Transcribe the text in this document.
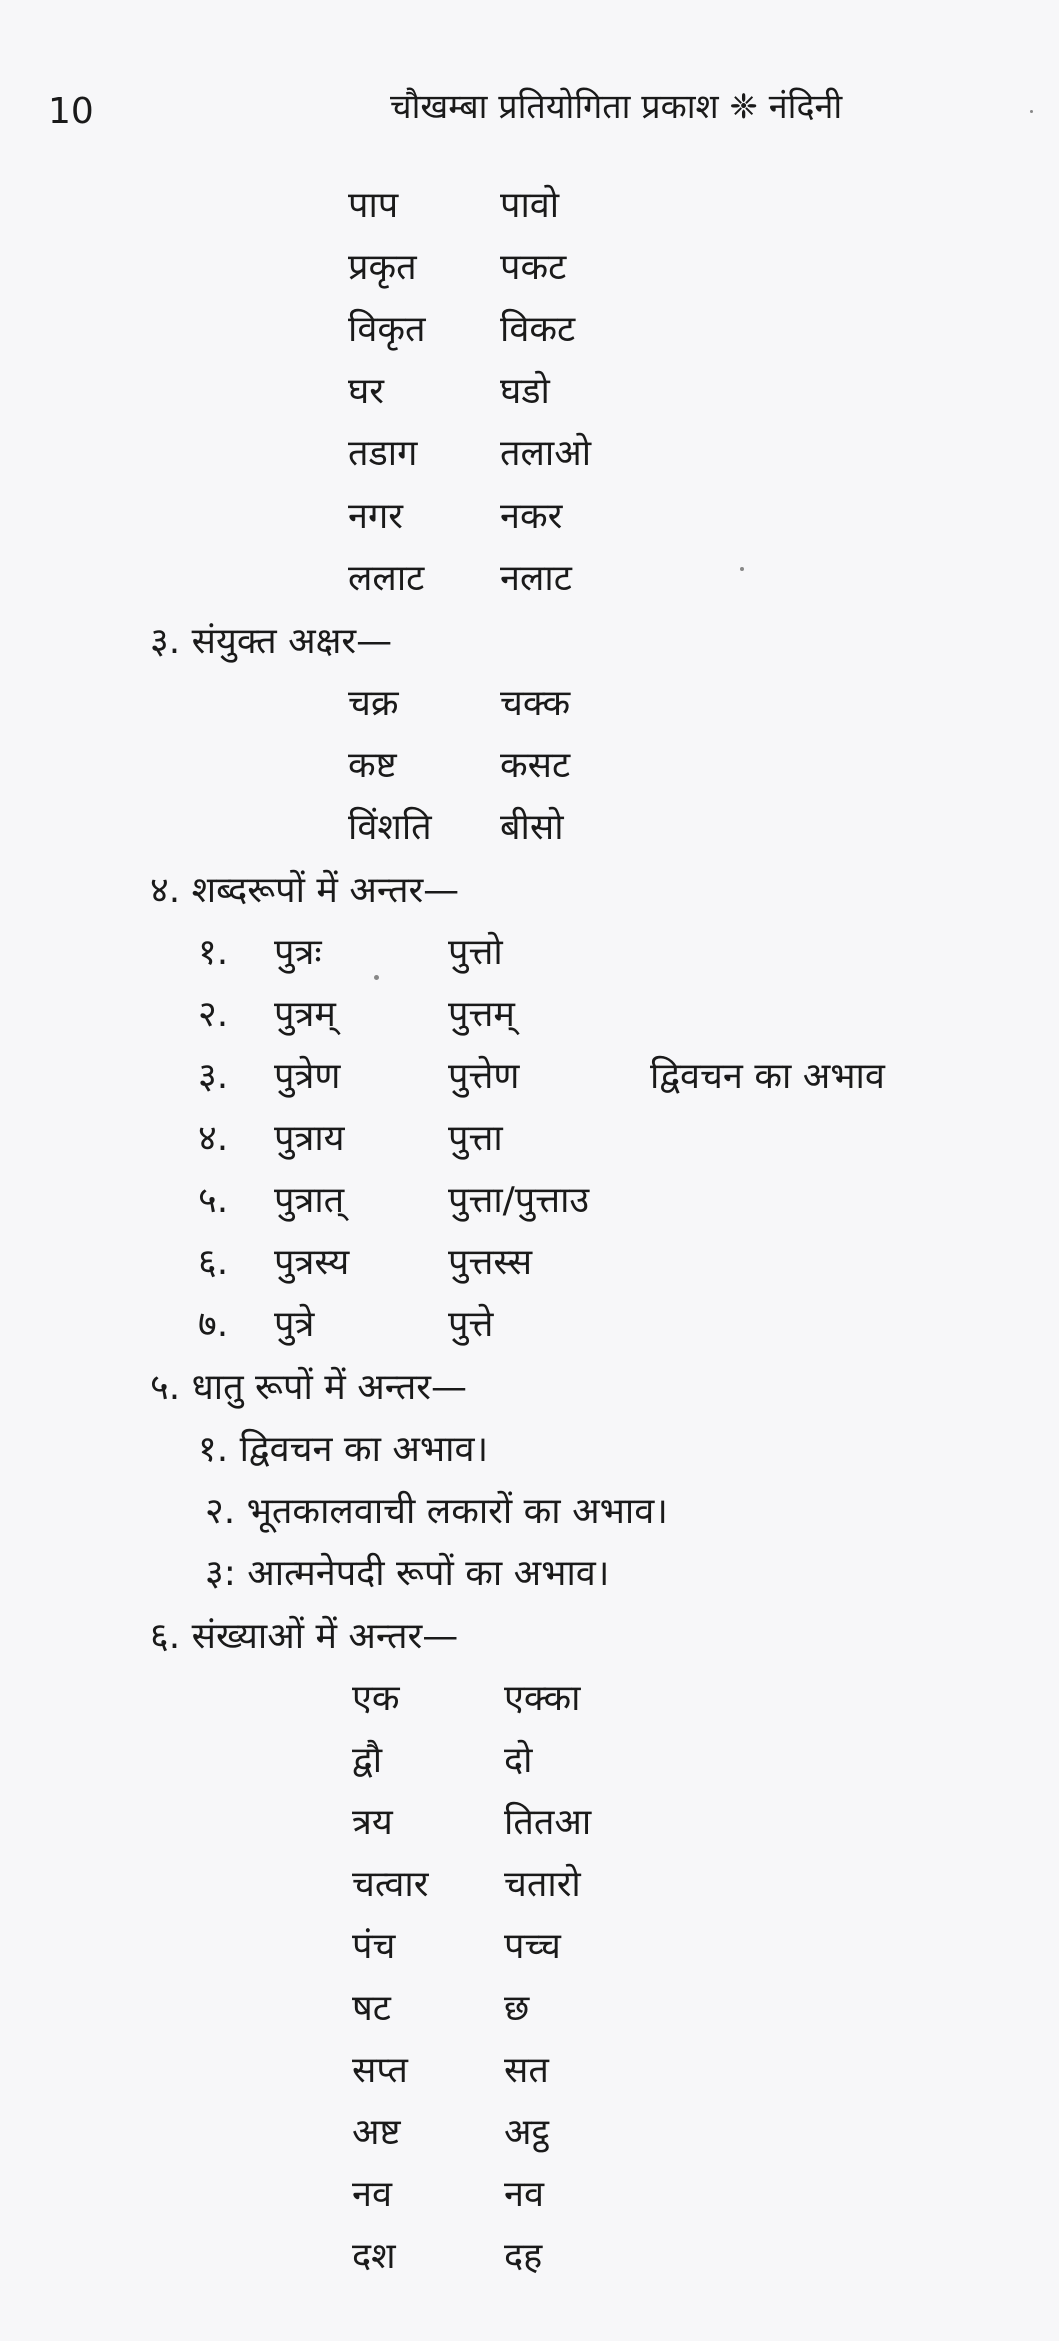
10	चौखम्बा प्रतियोगिता प्रकाश ❈ नंदिनी
पाप	पावो
प्रकृत पकट
विकृत विकट
घर	घडो
तडाग तलाओ
नगर	नकर
ललाट नलाट
३. संयुक्त अक्षर—
चक्र	चक्क
कष्ट	कसट
विंशति बीसो
४. शब्दरूपों में अन्तर—
१. पुत्रः	पुत्तो
२. पुत्रम्	पुत्तम्
३. पुत्रेण	पुत्तेण	द्विवचन का अभाव
४. पुत्राय	पुत्ता
५. पुत्रात्	पुत्ता/पुत्ताउ
६. पुत्रस्य	पुत्तस्स
७. पुत्रे	पुत्ते
५. धातु रूपों में अन्तर—
१. द्विवचन का अभाव।
२. भूतकालवाची लकारों का अभाव।
३: आत्मनेपदी रूपों का अभाव।
६. संख्याओं में अन्तर—
एक	एक्का
द्वौ	दो
त्रय	तितआ
चत्वार चतारो
पंच	पच्च
षट	छ
सप्त	सत
अष्ट	अट्ठ
नव	नव
दश	दह
